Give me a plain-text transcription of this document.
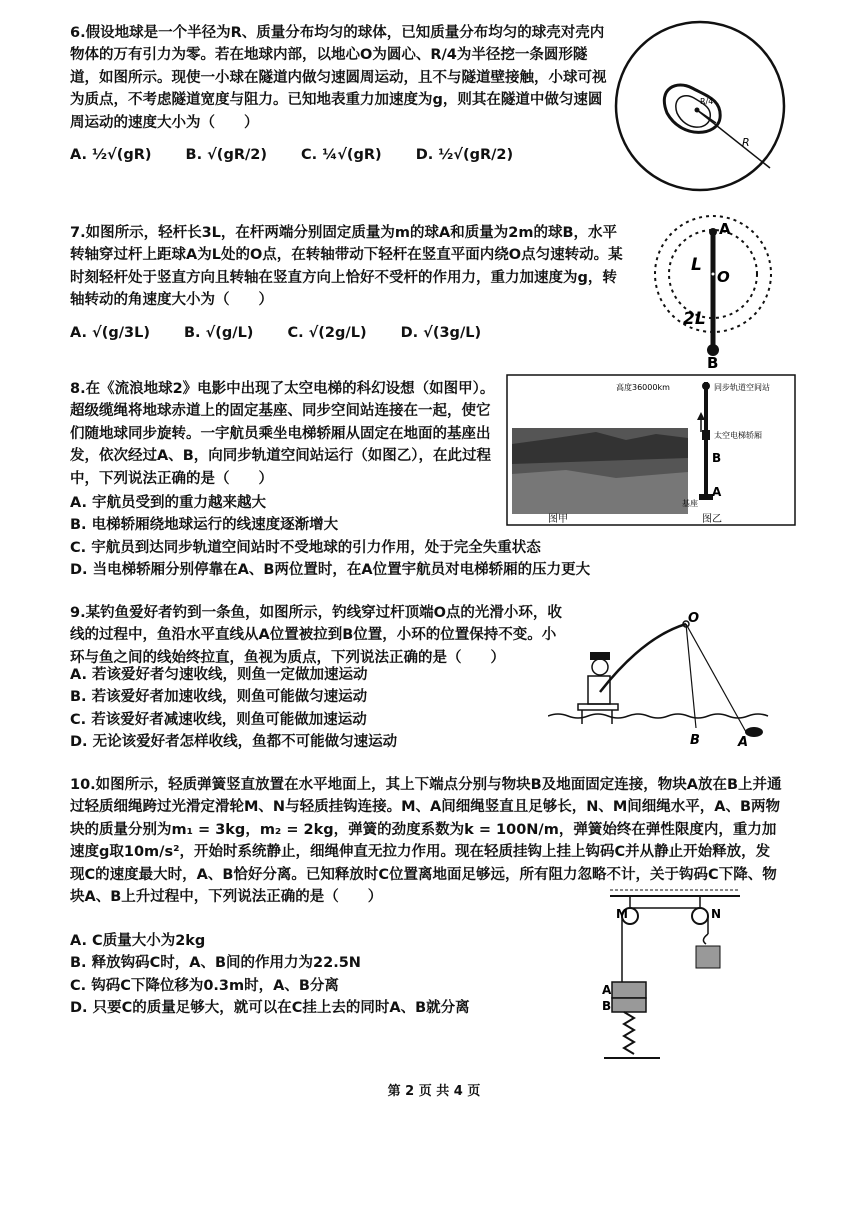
6.假设地球是一个半径为R、质量分布均匀的球体，已知质量分布均匀的球壳对壳内物体的万有引力为零。若在地球内部，以地心O为圆心、R/4为半径挖一条圆形隧道，如图所示。现使一小球在隧道内做匀速圆周运动，且不与隧道壁接触，小球可视为质点，不考虑隧道宽度与阻力。已知地表重力加速度为g，则其在隧道中做匀速圆周运动的速度大小为（　　）

A. ½√(gR) B. √(gR/2) C. ¼√(gR) D. ½√(gR/2)
R/4
R

7.如图所示，轻杆长3L，在杆两端分别固定质量为m的球A和质量为2m的球B，水平转轴穿过杆上距球A为L处的O点，在转轴带动下轻杆在竖直平面内绕O点匀速转动。某时刻轻杆处于竖直方向且转轴在竖直方向上恰好不受杆的作用力，重力加速度为g，转轴转动的角速度大小为（　　）

A. √(g/3L) B. √(g/L) C. √(2g/L) D. √(3g/L)
A
B
O
L
2L

8.在《流浪地球2》电影中出现了太空电梯的科幻设想（如图甲）。超级缆绳将地球赤道上的固定基座、同步空间站连接在一起，使它们随地球同步旋转。一宇航员乘坐电梯轿厢从固定在地面的基座出发，依次经过A、B，向同步轨道空间站运行（如图乙），在此过程中，下列说法正确的是（　　）

A. 宇航员受到的重力越来越大

B. 电梯轿厢绕地球运行的线速度逐渐增大

C. 宇航员到达同步轨道空间站时不受地球的引力作用，处于完全失重状态

D. 当电梯轿厢分别停靠在A、B两位置时，在A位置宇航员对电梯轿厢的压力更大

图甲
高度36000km	同步轨道空间站
太空电梯轿厢
B
A
基座
图乙

9.某钓鱼爱好者钓到一条鱼，如图所示，钓线穿过杆顶端O点的光滑小环，收线的过程中，鱼沿水平直线从A位置被拉到B位置，小环的位置保持不变。小环与鱼之间的线始终拉直，鱼视为质点，下列说法正确的是（　　）

A. 若该爱好者匀速收线，则鱼一定做加速运动

B. 若该爱好者加速收线，则鱼可能做匀速运动

C. 若该爱好者减速收线，则鱼可能做加速运动

D. 无论该爱好者怎样收线，鱼都不可能做匀速运动

O
B	A

10.如图所示，轻质弹簧竖直放置在水平地面上，其上下端点分别与物块B及地面固定连接，物块A放在B上并通过轻质细绳跨过光滑定滑轮M、N与轻质挂钩连接。M、A间细绳竖直且足够长，N、M间细绳水平，A、B两物块的质量分别为m₁ = 3kg，m₂ = 2kg，弹簧的劲度系数为k = 100N/m，弹簧始终在弹性限度内，重力加速度g取10m/s²，开始时系统静止，细绳伸直无拉力作用。现在轻质挂钩上挂上钩码C并从静止开始释放，发现C的速度最大时，A、B恰好分离。已知释放时C位置离地面足够远，所有阻力忽略不计，关于钩码C下降、物块A、B上升过程中，下列说法正确的是（　　）

A. C质量大小为2kg

B. 释放钩码C时，A、B间的作用力为22.5N

C. 钩码C下降位移为0.3m时，A、B分离

D. 只要C的质量足够大，就可以在C挂上去的同时A、B就分离

M	N
A
B
第 2 页 共 4 页
